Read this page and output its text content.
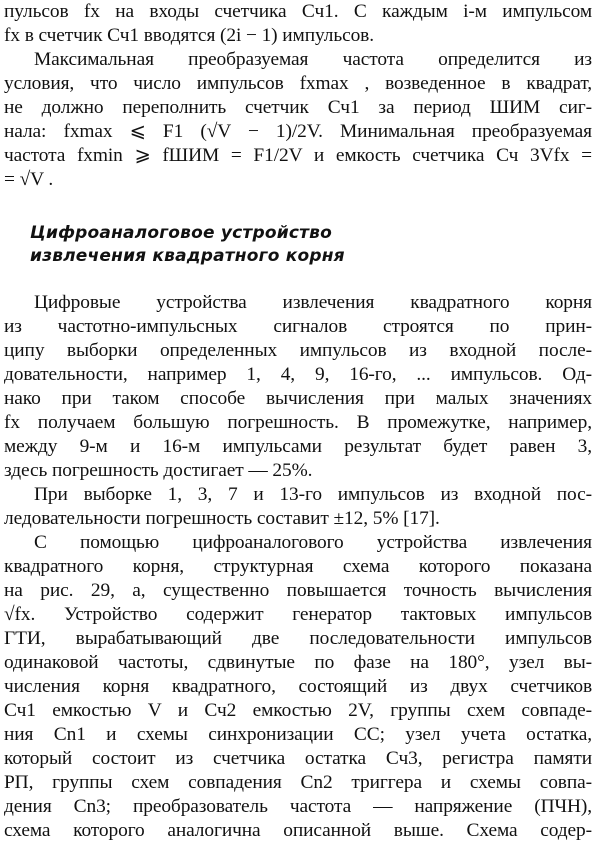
пульсов fx на входы счетчика Сч1. С каждым i-м импульсом
fx в счетчик Сч1 вводятся (2i − 1) импульсов.
Максимальная преобразуемая частота определится из
условия, что число импульсов fxmax , возведенное в квадрат,
не должно переполнить счетчик Сч1 за период ШИМ сиг-
нала: fxmax ⩽ F1 (√V − 1)/2V. Минимальная преобразуемая
частота fxmin ⩾ fШИМ = F1/2V и емкость счетчика Сч 3Vfx =
= √V .
Цифроаналоговое устройство
извлечения квадратного корня
Цифровые устройства извлечения квадратного корня
из частотно-импульсных сигналов строятся по прин-
ципу выборки определенных импульсов из входной после-
довательности, например 1, 4, 9, 16-го, ... импульсов. Од-
нако при таком способе вычисления при малых значениях
fx получаем большую погрешность. В промежутке, например,
между 9-м и 16-м импульсами результат будет равен 3,
здесь погрешность достигает — 25%.
При выборке 1, 3, 7 и 13-го импульсов из входной пос-
ледовательности погрешность составит ±12, 5% [17].
С помощью цифроаналогового устройства извлечения
квадратного корня, структурная схема которого показана
на рис. 29, а, существенно повышается точность вычисления
√fx. Устройство содержит генератор тактовых импульсов
ГТИ, вырабатывающий две последовательности импульсов
одинаковой частоты, сдвинутые по фазе на 180°, узел вы-
числения корня квадратного, состоящий из двух счетчиков
Сч1 емкостью V и Сч2 емкостью 2V, группы схем совпаде-
ния Cn1 и схемы синхронизации СС; узел учета остатка,
который состоит из счетчика остатка Сч3, регистра памяти
РП, группы схем совпадения Cn2 триггера и схемы совпа-
дения Cn3; преобразователь частота — напряжение (ПЧН),
схема которого аналогична описанной выше. Схема содер-
